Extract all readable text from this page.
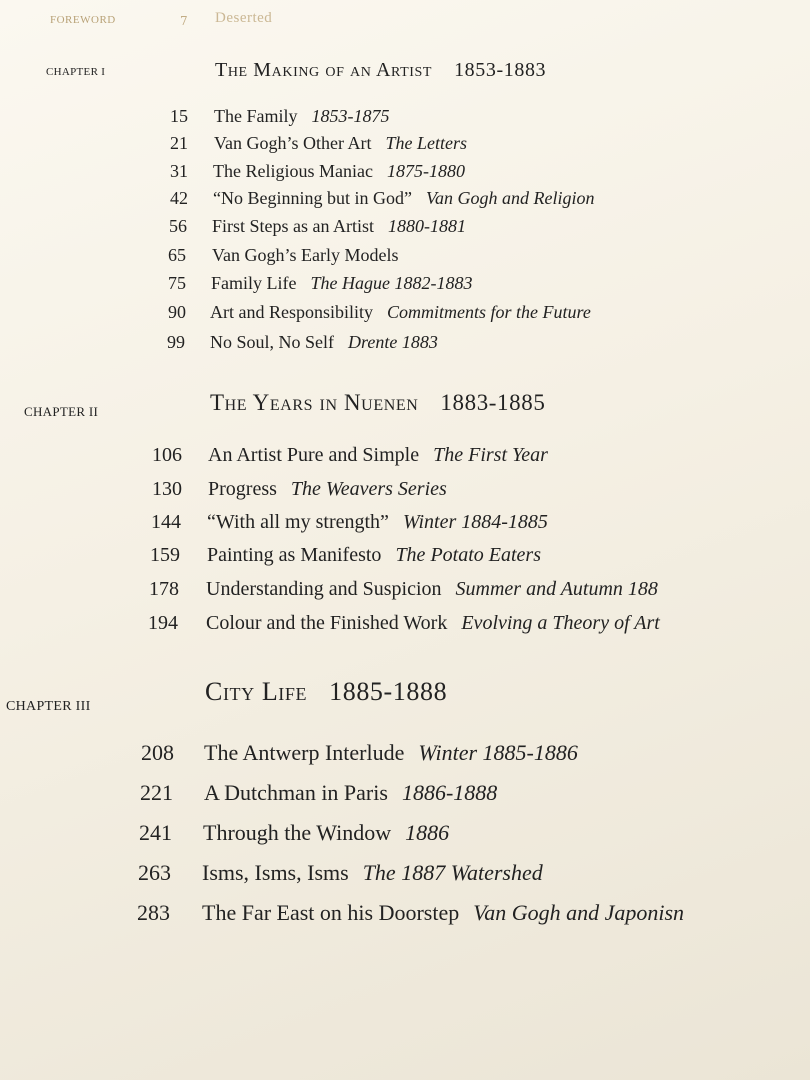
FOREWORD	7 Deserted
CHAPTER I	The Making of an Artist 1853-1883
15 The Family 1853-1875
21 Van Gogh’s Other Art The Letters
31 The Religious Maniac 1875-1880
42 “No Beginning but in God” Van Gogh and Religion
56 First Steps as an Artist 1880-1881
65 Van Gogh’s Early Models
75 Family Life The Hague 1882-1883
90 Art and Responsibility Commitments for the Future
99 No Soul, No Self Drente 1883
CHAPTER II	The Years in Nuenen 1883-1885
106 An Artist Pure and Simple The First Year
130 Progress The Weavers Series
144 “With all my strength” Winter 1884-1885
159 Painting as Manifesto The Potato Eaters
178 Understanding and Suspicion Summer and Autumn 188
194 Colour and the Finished Work Evolving a Theory of Art
CHAPTER III
City Life 1885-1888
208 The Antwerp Interlude Winter 1885-1886
221 A Dutchman in Paris 1886-1888
241 Through the Window 1886
263 Isms, Isms, Isms The 1887 Watershed
283 The Far East on his Doorstep Van Gogh and Japonisn
